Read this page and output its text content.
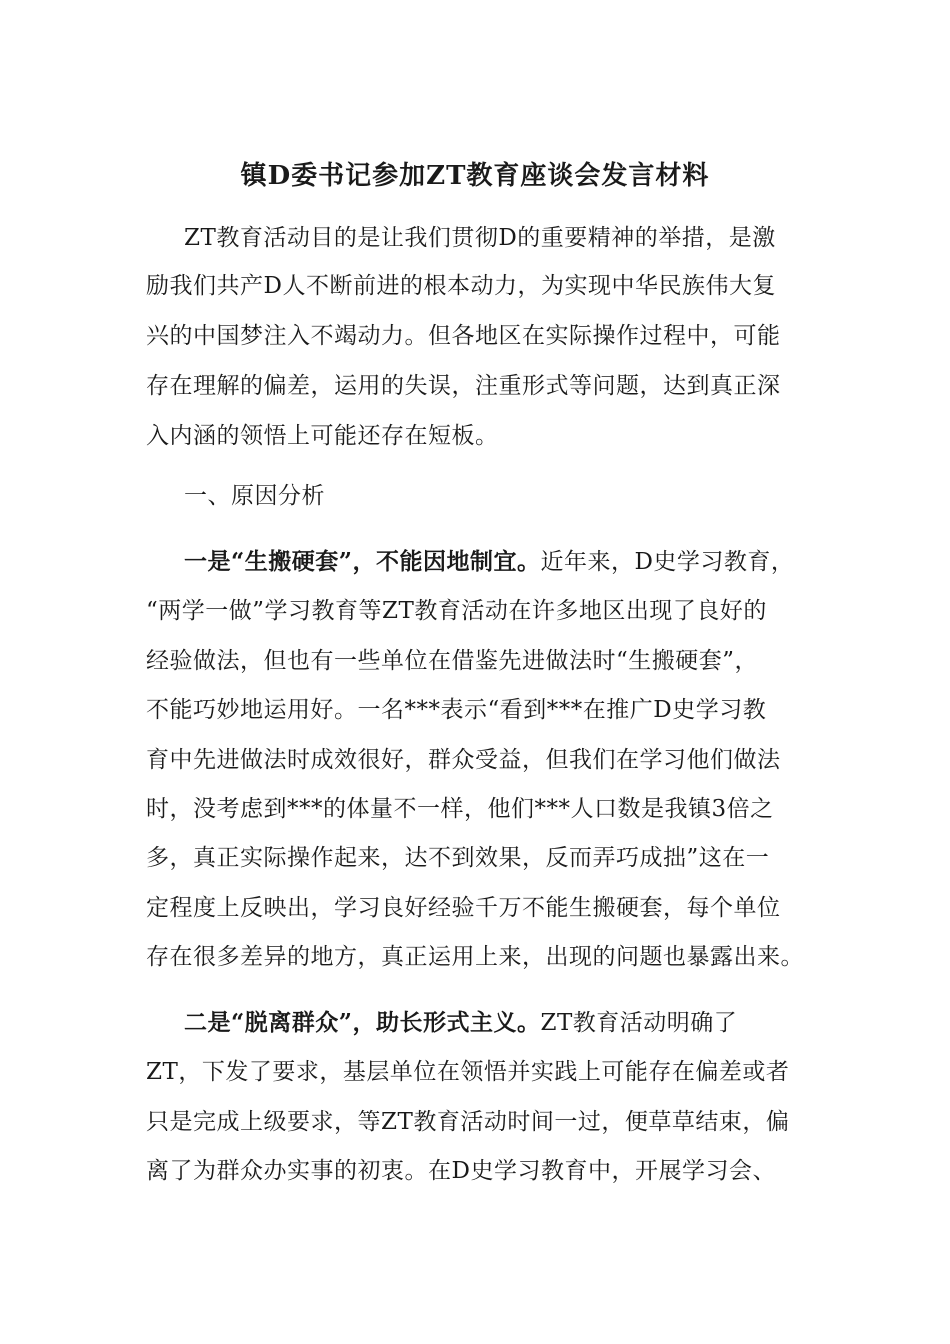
镇D委书记参加ZT教育座谈会发言材料
ZT教育活动目的是让我们贯彻D的重要精神的举措，是激
励我们共产D人不断前进的根本动力，为实现中华民族伟大复
兴的中国梦注入不竭动力。但各地区在实际操作过程中，可能
存在理解的偏差，运用的失误，注重形式等问题，达到真正深
入内涵的领悟上可能还存在短板。
一、原因分析
一是“生搬硬套”，不能因地制宜。近年来，D史学习教育，
“两学一做”学习教育等ZT教育活动在许多地区出现了良好的
经验做法，但也有一些单位在借鉴先进做法时“生搬硬套”，
不能巧妙地运用好。一名***表示“看到***在推广D史学习教
育中先进做法时成效很好，群众受益，但我们在学习他们做法
时，没考虑到***的体量不一样，他们***人口数是我镇3倍之
多，真正实际操作起来，达不到效果，反而弄巧成拙”这在一
定程度上反映出，学习良好经验千万不能生搬硬套，每个单位
存在很多差异的地方，真正运用上来，出现的问题也暴露出来。
二是“脱离群众”，助长形式主义。ZT教育活动明确了
ZT，下发了要求，基层单位在领悟并实践上可能存在偏差或者
只是完成上级要求，等ZT教育活动时间一过，便草草结束，偏
离了为群众办实事的初衷。在D史学习教育中，开展学习会、
